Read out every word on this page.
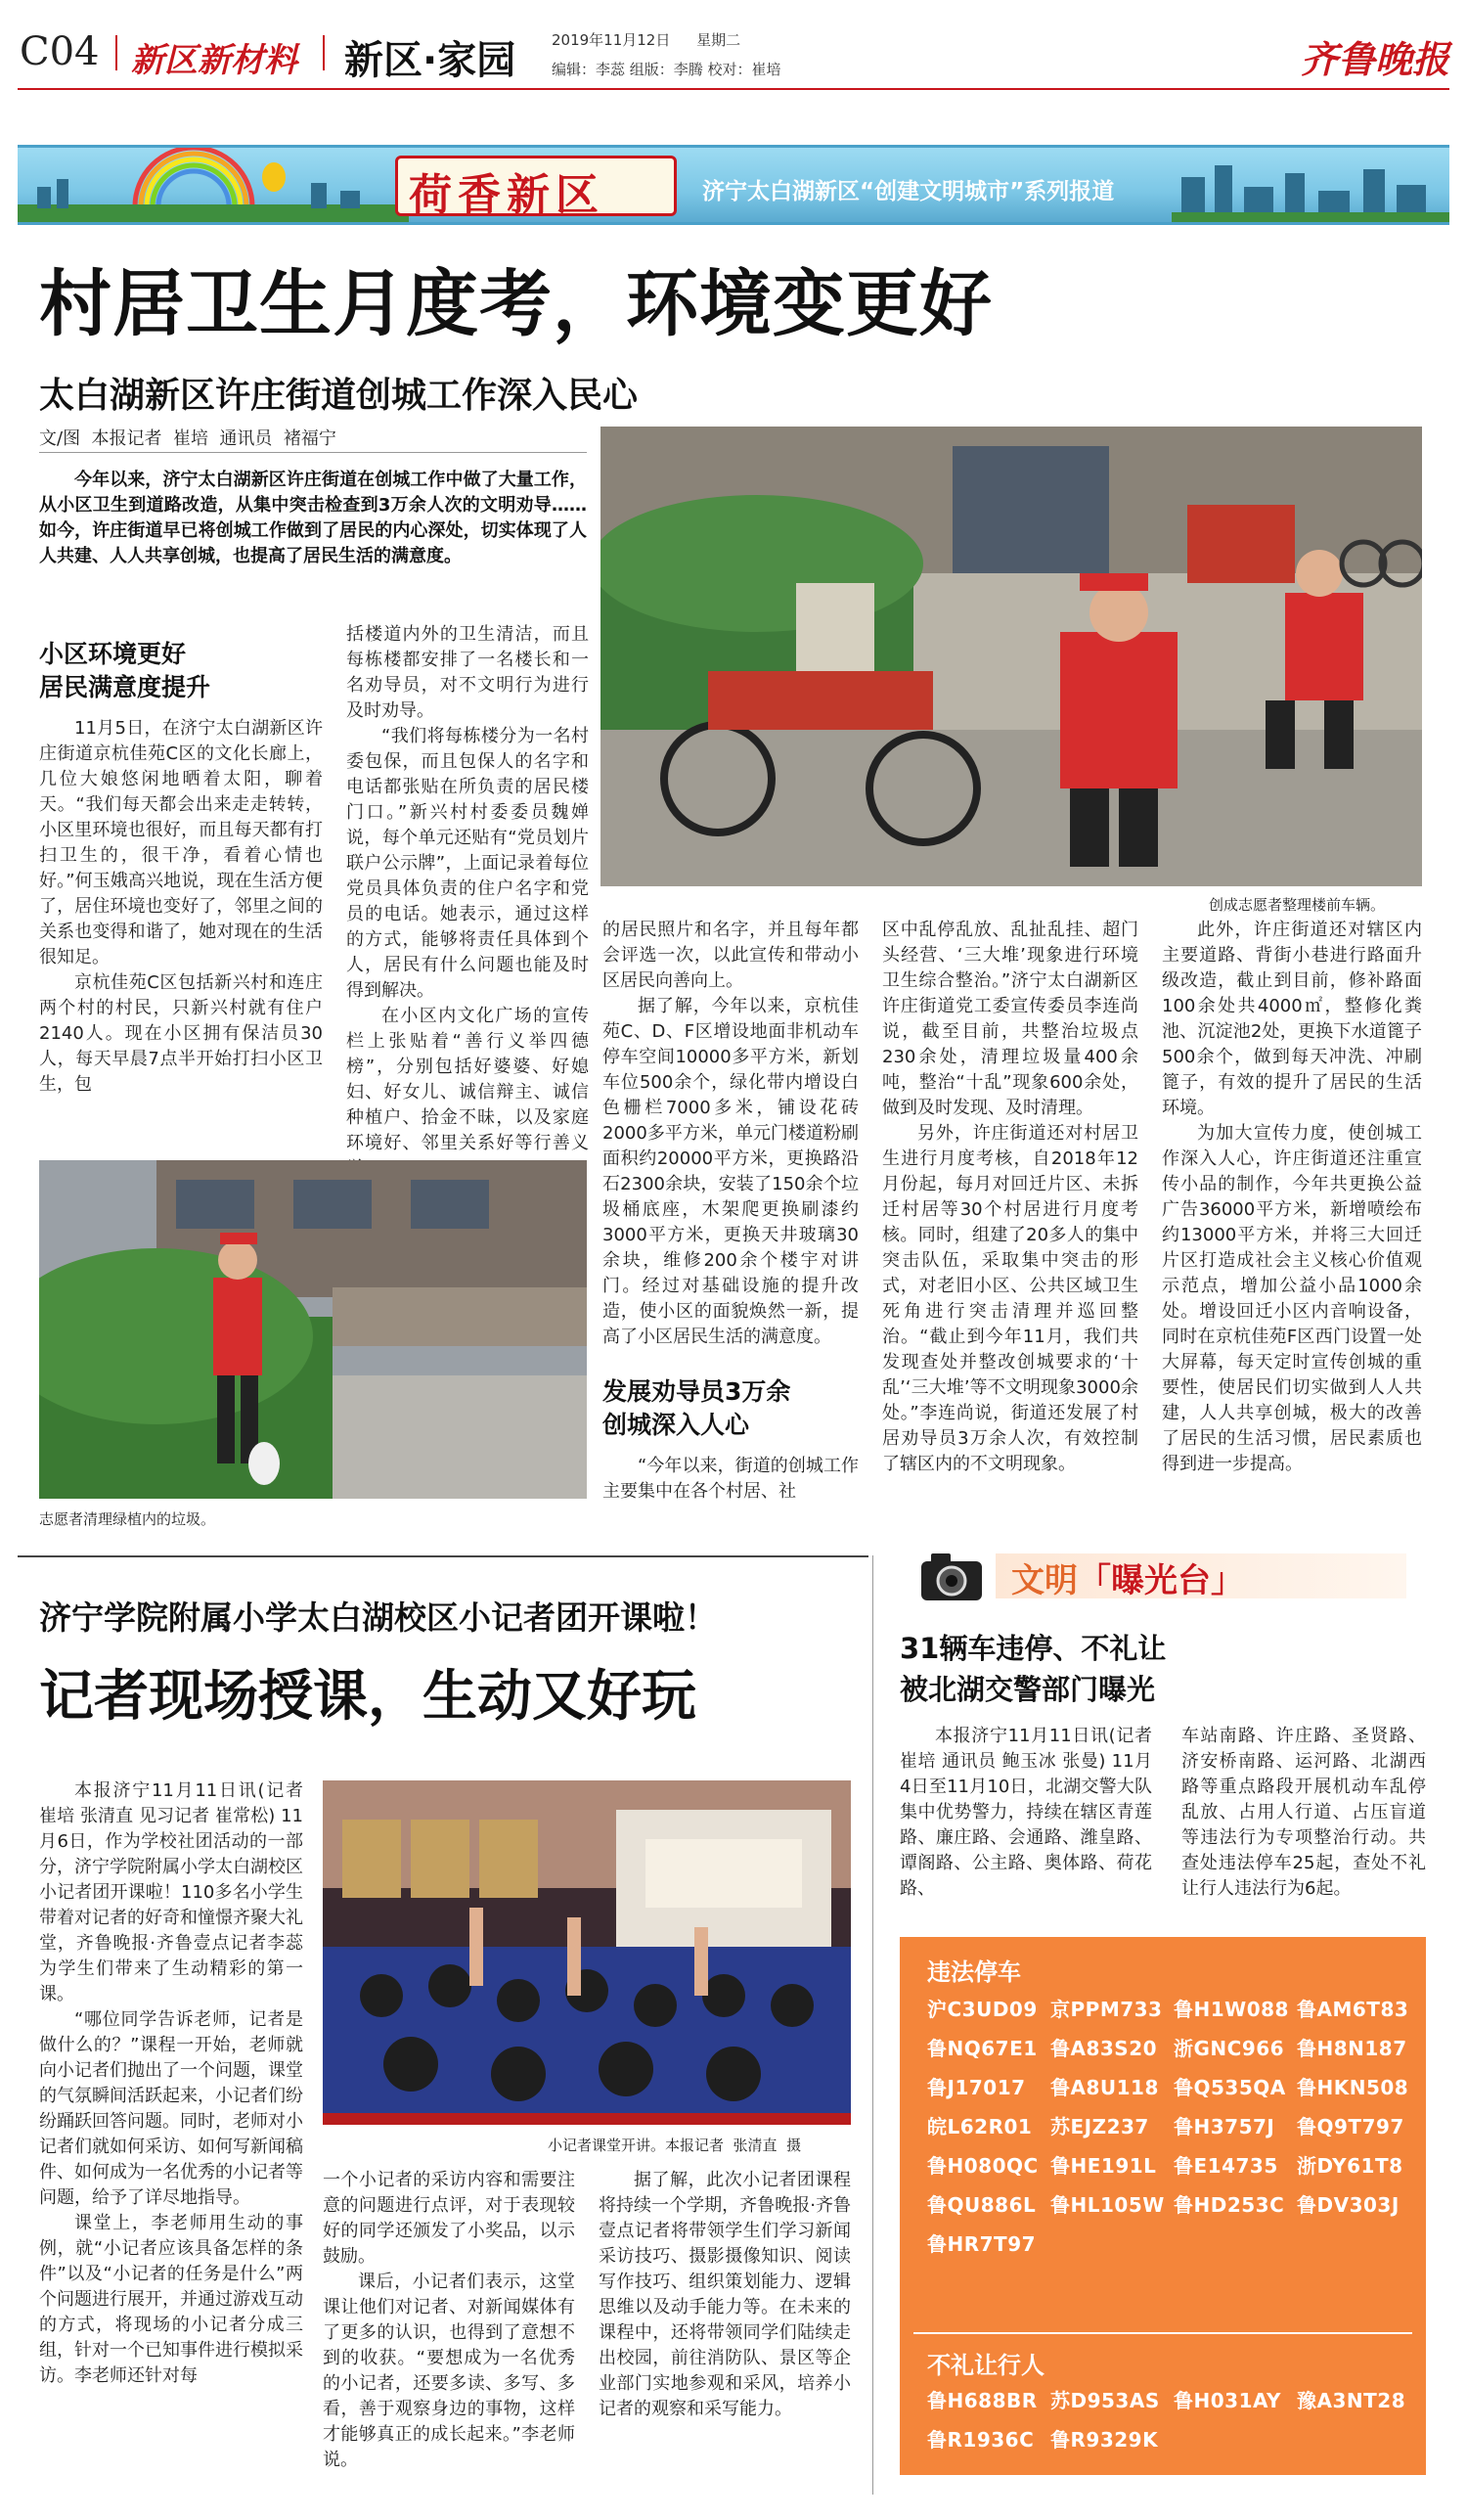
C04 新区新材料 新区·家园 2019年11月12日 星期二
编辑：李蕊 组版：李腾 校对：崔培	齐鲁晚报
荷香新区	济宁太白湖新区“创建文明城市”系列报道
村居卫生月度考，环境变更好
太白湖新区许庄街道创城工作深入民心
文/图  本报记者  崔培  通讯员  褚福宁
今年以来，济宁太白湖新区许庄街道在创城工作中做了大量工作，从小区卫生到道路改造，从集中突击检查到3万余人次的文明劝导……如今，许庄街道早已将创城工作做到了居民的内心深处，切实体现了人人共建、人人共享创城，也提高了居民生活的满意度。
创成志愿者整理楼前车辆。
小区环境更好
居民满意度提升

11月5日，在济宁太白湖新区许庄街道京杭佳苑C区的文化长廊上，几位大娘悠闲地晒着太阳，聊着天。“我们每天都会出来走走转转，小区里环境也很好，而且每天都有打扫卫生的，很干净，看着心情也好。”何玉娥高兴地说，现在生活方便了，居住环境也变好了，邻里之间的关系也变得和谐了，她对现在的生活很知足。

京杭佳苑C区包括新兴村和连庄两个村的村民，只新兴村就有住户2140人。现在小区拥有保洁员30人，每天早晨7点半开始打扫小区卫生，包

括楼道内外的卫生清洁，而且每栋楼都安排了一名楼长和一名劝导员，对不文明行为进行及时劝导。

“我们将每栋楼分为一名村委包保，而且包保人的名字和电话都张贴在所负责的居民楼门口。”新兴村村委委员魏婵说，每个单元还贴有“党员划片联户公示牌”，上面记录着每位党员具体负责的住户名字和党员的电话。她表示，通过这样的方式，能够将责任具体到个人，居民有什么问题也能及时得到解决。

在小区内文化广场的宣传栏上张贴着“善行义举四德榜”，分别包括好婆婆、好媳妇、好女儿、诚信辩主、诚信种植户、拾金不昧，以及家庭环境好、邻里关系好等行善义

志愿者清理绿植内的垃圾。

的居民照片和名字，并且每年都会评选一次，以此宣传和带动小区居民向善向上。

据了解，今年以来，京杭佳苑C、D、F区增设地面非机动车停车空间10000多平方米，新划车位500余个，绿化带内增设白色栅栏7000多米，铺设花砖2000多平方米，单元门楼道粉刷面积约20000平方米，更换路沿石2300余块，安装了150余个垃圾桶底座，木架爬更换刷漆约3000平方米，更换天井玻璃30余块，维修200余个楼宇对讲门。经过对基础设施的提升改造，使小区的面貌焕然一新，提高了小区居民生活的满意度。

发展劝导员3万余
创城深入人心

“今年以来，街道的创城工作主要集中在各个村居、社

区中乱停乱放、乱扯乱挂、超门头经营、‘三大堆’现象进行环境卫生综合整治。”济宁太白湖新区许庄街道党工委宣传委员李连尚说，截至目前，共整治垃圾点230余处，清理垃圾量400余吨，整治“十乱”现象600余处，做到及时发现、及时清理。

另外，许庄街道还对村居卫生进行月度考核，自2018年12月份起，每月对回迁片区、未拆迁村居等30个村居进行月度考核。同时，组建了20多人的集中突击队伍，采取集中突击的形式，对老旧小区、公共区域卫生死角进行突击清理并巡回整治。“截止到今年11月，我们共发现查处并整改创城要求的‘十乱’‘三大堆’等不文明现象3000余处。”李连尚说，街道还发展了村居劝导员3万余人次，有效控制了辖区内的不文明现象。

此外，许庄街道还对辖区内主要道路、背街小巷进行路面升级改造，截止到目前，修补路面100余处共4000㎡，整修化粪池、沉淀池2处，更换下水道篦子500余个，做到每天冲洗、冲刷篦子，有效的提升了居民的生活环境。

为加大宣传力度，使创城工作深入人心，许庄街道还注重宣传小品的制作，今年共更换公益广告36000平方米，新增喷绘布约13000平方米，并将三大回迁片区打造成社会主义核心价值观示范点，增加公益小品1000余处。增设回迁小区内音响设备，同时在京杭佳苑F区西门设置一处大屏幕，每天定时宣传创城的重要性，使居民们切实做到人人共建，人人共享创城，极大的改善了居民的生活习惯，居民素质也得到进一步提高。

济宁学院附属小学太白湖校区小记者团开课啦！
记者现场授课，生动又好玩

本报济宁11月11日讯(记者 崔培 张清直 见习记者 崔常松) 11月6日，作为学校社团活动的一部分，济宁学院附属小学太白湖校区小记者团开课啦！110多名小学生带着对记者的好奇和憧憬齐聚大礼堂，齐鲁晚报·齐鲁壹点记者李蕊为学生们带来了生动精彩的第一课。

“哪位同学告诉老师，记者是做什么的？”课程一开始，老师就向小记者们抛出了一个问题，课堂的气氛瞬间活跃起来，小记者们纷纷踊跃回答问题。同时，老师对小记者们就如何采访、如何写新闻稿件、如何成为一名优秀的小记者等问题，给予了详尽地指导。

课堂上，李老师用生动的事例，就“小记者应该具备怎样的条件”以及“小记者的任务是什么”两个问题进行展开，并通过游戏互动的方式，将现场的小记者分成三组，针对一个已知事件进行模拟采访。李老师还针对每

小记者课堂开讲。本报记者  张清直  摄

一个小记者的采访内容和需要注意的问题进行点评，对于表现较好的同学还颁发了小奖品，以示鼓励。

课后，小记者们表示，这堂课让他们对记者、对新闻媒体有了更多的认识，也得到了意想不到的收获。“要想成为一名优秀的小记者，还要多读、多写、多看，善于观察身边的事物，这样才能够真正的成长起来。”李老师说。

据了解，此次小记者团课程将持续一个学期，齐鲁晚报·齐鲁壹点记者将带领学生们学习新闻采访技巧、摄影摄像知识、阅读写作技巧、组织策划能力、逻辑思维以及动手能力等。在未来的课程中，还将带领同学们陆续走出校园，前往消防队、景区等企业部门实地参观和采风，培养小记者的观察和采写能力。

文明「曝光台」
31辆车违停、不礼让
被北湖交警部门曝光
本报济宁11月11日讯(记者 崔培 通讯员 鲍玉冰 张曼) 11月4日至11月10日，北湖交警大队集中优势警力，持续在辖区青莲路、廉庄路、会通路、潍皇路、谭阁路、公主路、奥体路、荷花路、
车站南路、许庄路、圣贤路、济安桥南路、运河路、北湖西路等重点路段开展机动车乱停乱放、占用人行道、占压盲道等违法行为专项整治行动。共查处违法停车25起，查处不礼让行人违法行为6起。
违法停车
沪C3UD09 京PPM733 鲁H1W088 鲁AM6T83
鲁NQ67E1 鲁A83S20 浙GNC966 鲁H8N187
鲁J17017 鲁A8U118 鲁Q535QA 鲁HKN508
皖L62R01 苏EJZ237 鲁H3757J 鲁Q9T797
鲁H080QC 鲁HE191L 鲁E14735 浙DY61T8
鲁QU886L 鲁HL105W 鲁HD253C 鲁DV303J
鲁HR7T97
不礼让行人
鲁H688BR 苏D953AS 鲁H031AY 豫A3NT28
鲁R1936C 鲁R9329K
